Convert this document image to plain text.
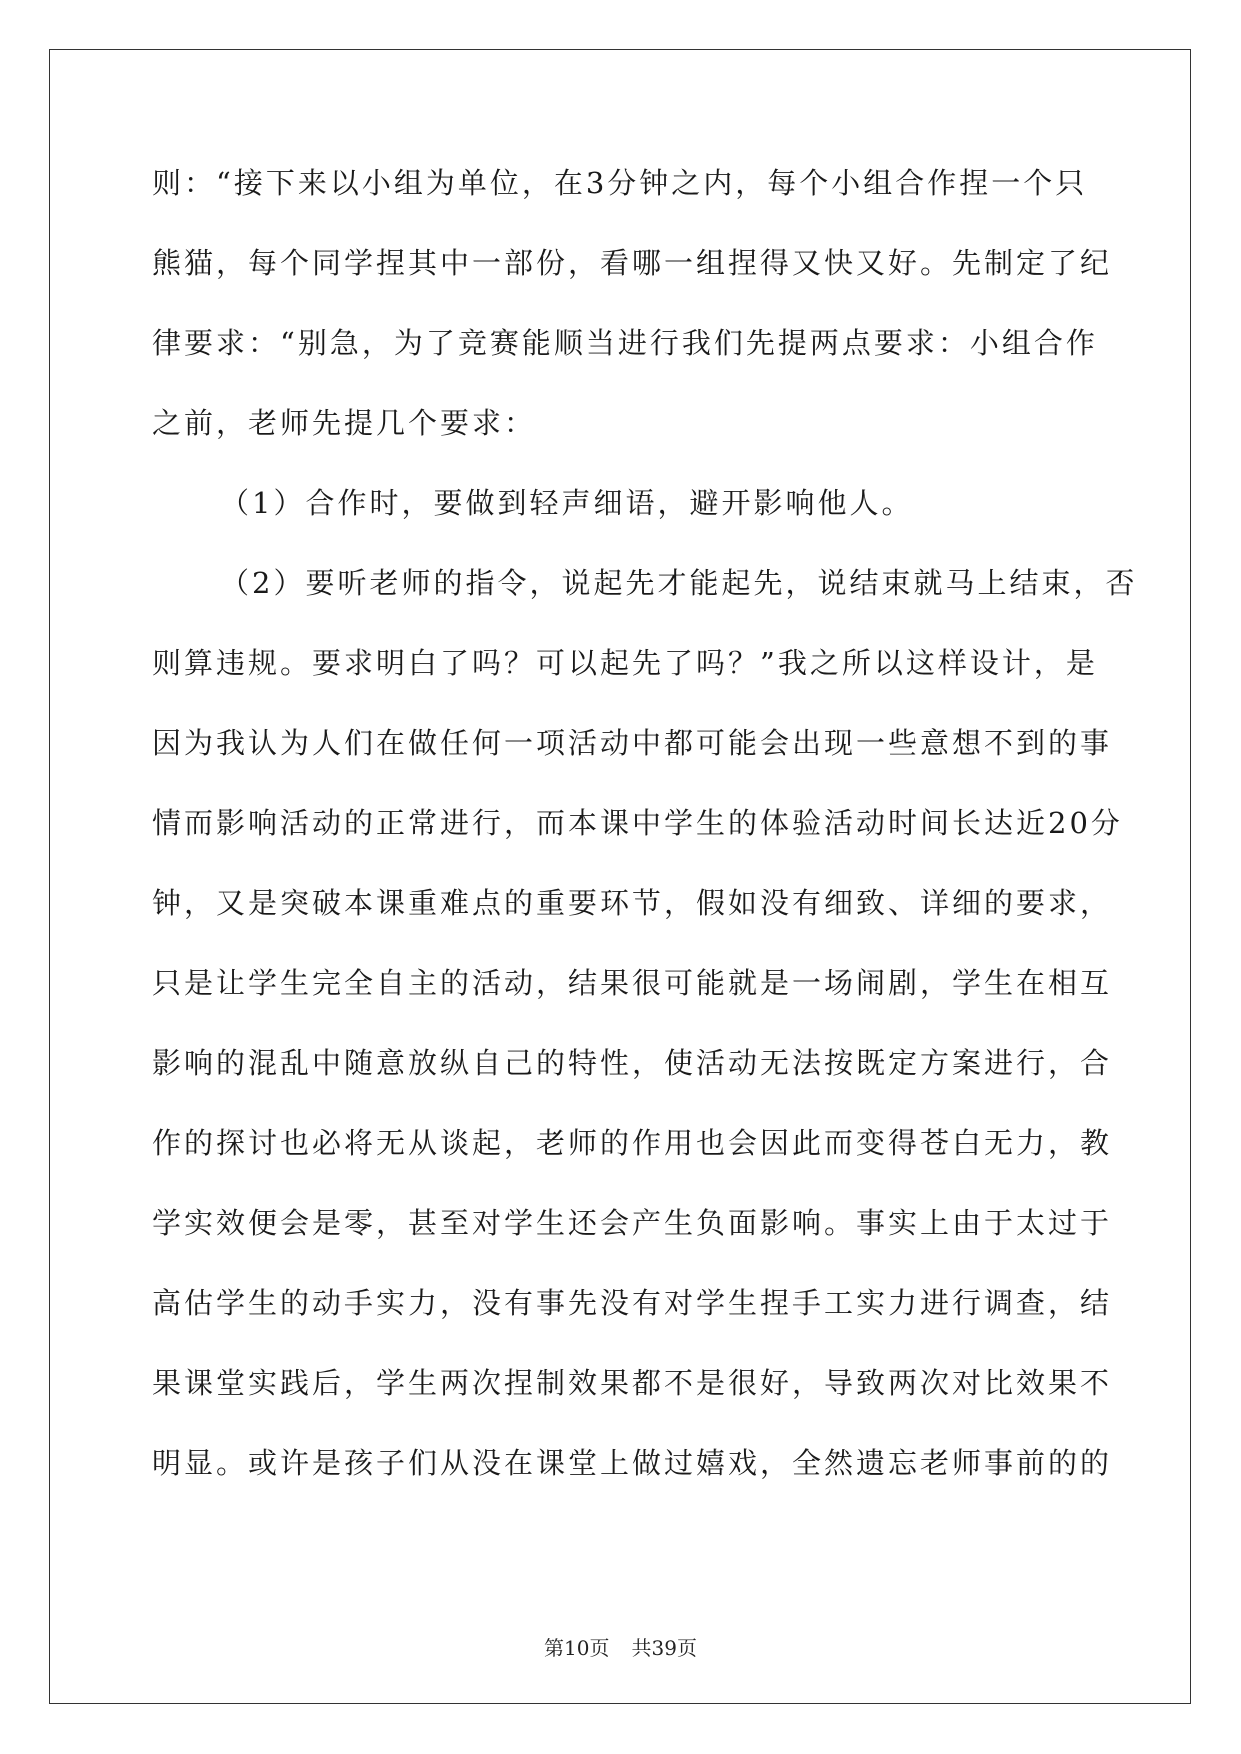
则：“接下来以小组为单位，在3分钟之内，每个小组合作捏一个只
熊猫，每个同学捏其中一部份，看哪一组捏得又快又好。先制定了纪
律要求：“别急，为了竞赛能顺当进行我们先提两点要求：小组合作
之前，老师先提几个要求：
（1）合作时，要做到轻声细语，避开影响他人。
（2）要听老师的指令，说起先才能起先，说结束就马上结束，否
则算违规。要求明白了吗？可以起先了吗？”我之所以这样设计，是
因为我认为人们在做任何一项活动中都可能会出现一些意想不到的事
情而影响活动的正常进行，而本课中学生的体验活动时间长达近20分
钟，又是突破本课重难点的重要环节，假如没有细致、详细的要求，
只是让学生完全自主的活动，结果很可能就是一场闹剧，学生在相互
影响的混乱中随意放纵自己的特性，使活动无法按既定方案进行，合
作的探讨也必将无从谈起，老师的作用也会因此而变得苍白无力，教
学实效便会是零，甚至对学生还会产生负面影响。事实上由于太过于
高估学生的动手实力，没有事先没有对学生捏手工实力进行调查，结
果课堂实践后，学生两次捏制效果都不是很好，导致两次对比效果不
明显。或许是孩子们从没在课堂上做过嬉戏，全然遗忘老师事前的的
第10页 共39页
